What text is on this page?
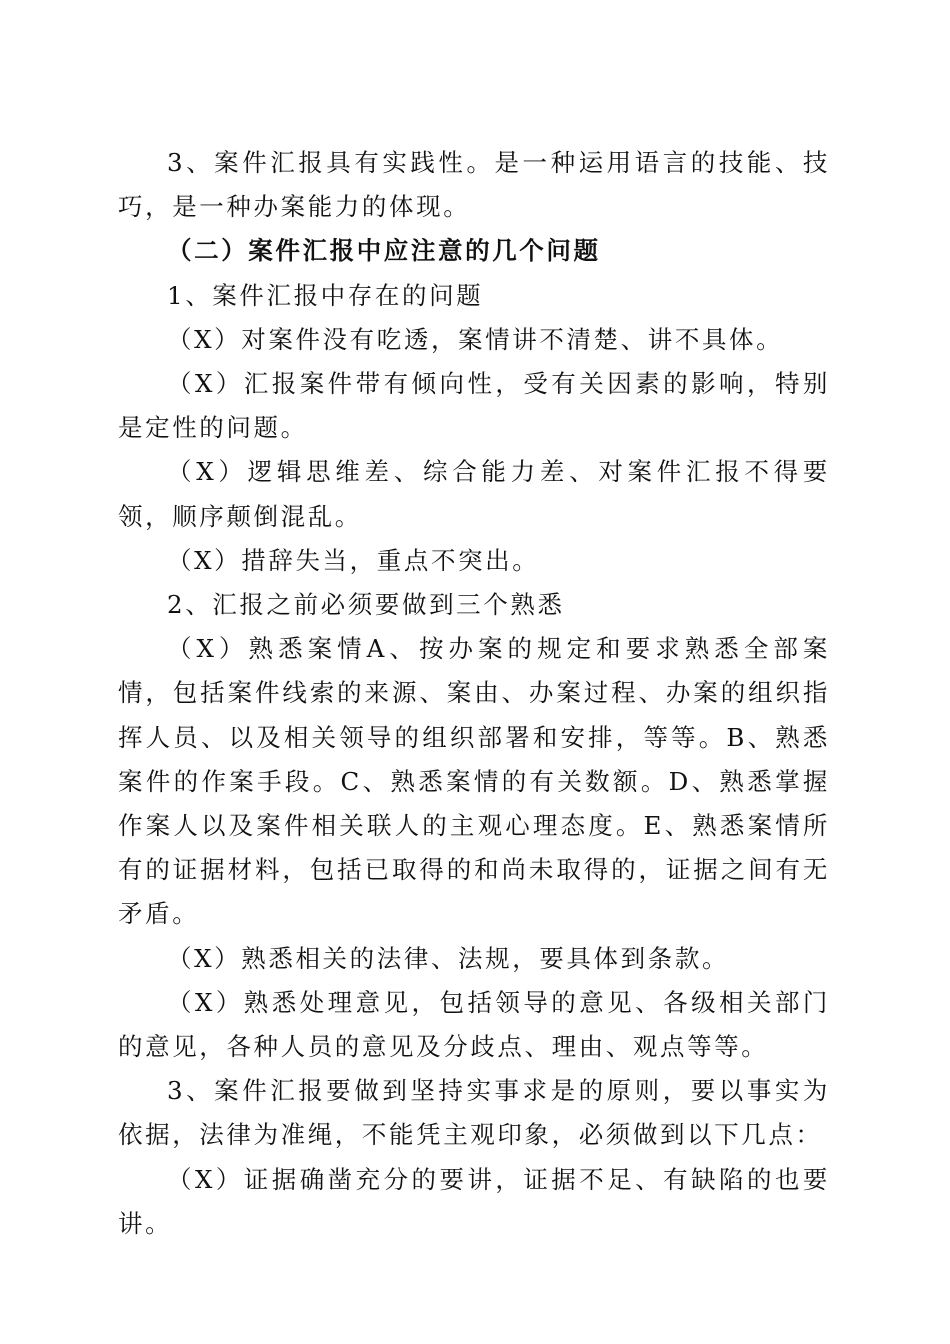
3、案件汇报具有实践性。是一种运用语言的技能、技巧，是一种办案能力的体现。

（二）案件汇报中应注意的几个问题

1、案件汇报中存在的问题

（X）对案件没有吃透，案情讲不清楚、讲不具体。

（X）汇报案件带有倾向性，受有关因素的影响，特别是定性的问题。

（X）逻辑思维差、综合能力差、对案件汇报不得要领，顺序颠倒混乱。

（X）措辞失当，重点不突出。

2、汇报之前必须要做到三个熟悉

（X）熟悉案情A、按办案的规定和要求熟悉全部案情，包括案件线索的来源、案由、办案过程、办案的组织指挥人员、以及相关领导的组织部署和安排，等等。B、熟悉案件的作案手段。C、熟悉案情的有关数额。D、熟悉掌握作案人以及案件相关联人的主观心理态度。E、熟悉案情所有的证据材料，包括已取得的和尚未取得的，证据之间有无矛盾。

（X）熟悉相关的法律、法规，要具体到条款。

（X）熟悉处理意见，包括领导的意见、各级相关部门的意见，各种人员的意见及分歧点、理由、观点等等。

3、案件汇报要做到坚持实事求是的原则，要以事实为依据，法律为准绳，不能凭主观印象，必须做到以下几点：

（X）证据确凿充分的要讲，证据不足、有缺陷的也要讲。
